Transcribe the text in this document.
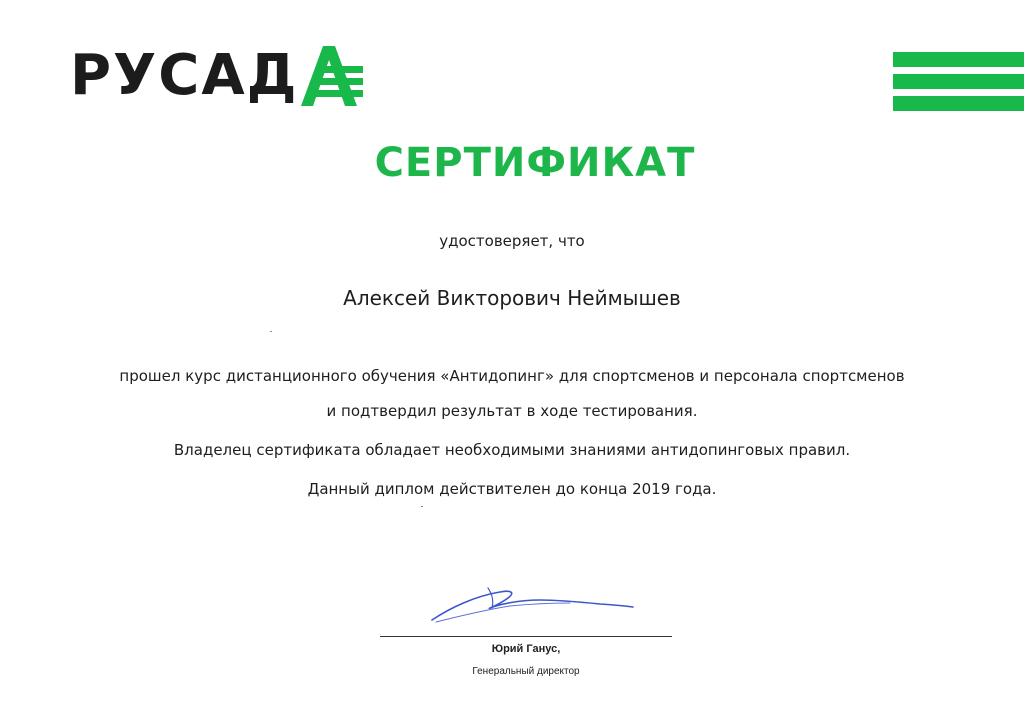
РУСАД
СЕРТИФИКАТ
удостоверяет, что
Алексей Викторович Неймышев
прошел курс дистанционного обучения «Антидопинг» для спортсменов и персонала спортсменов
и подтвердил результат в ходе тестирования.
Владелец сертификата обладает необходимыми знаниями антидопинговых правил.
Данный диплом действителен до конца 2019 года.
Юрий Ганус,
Генеральный директор
